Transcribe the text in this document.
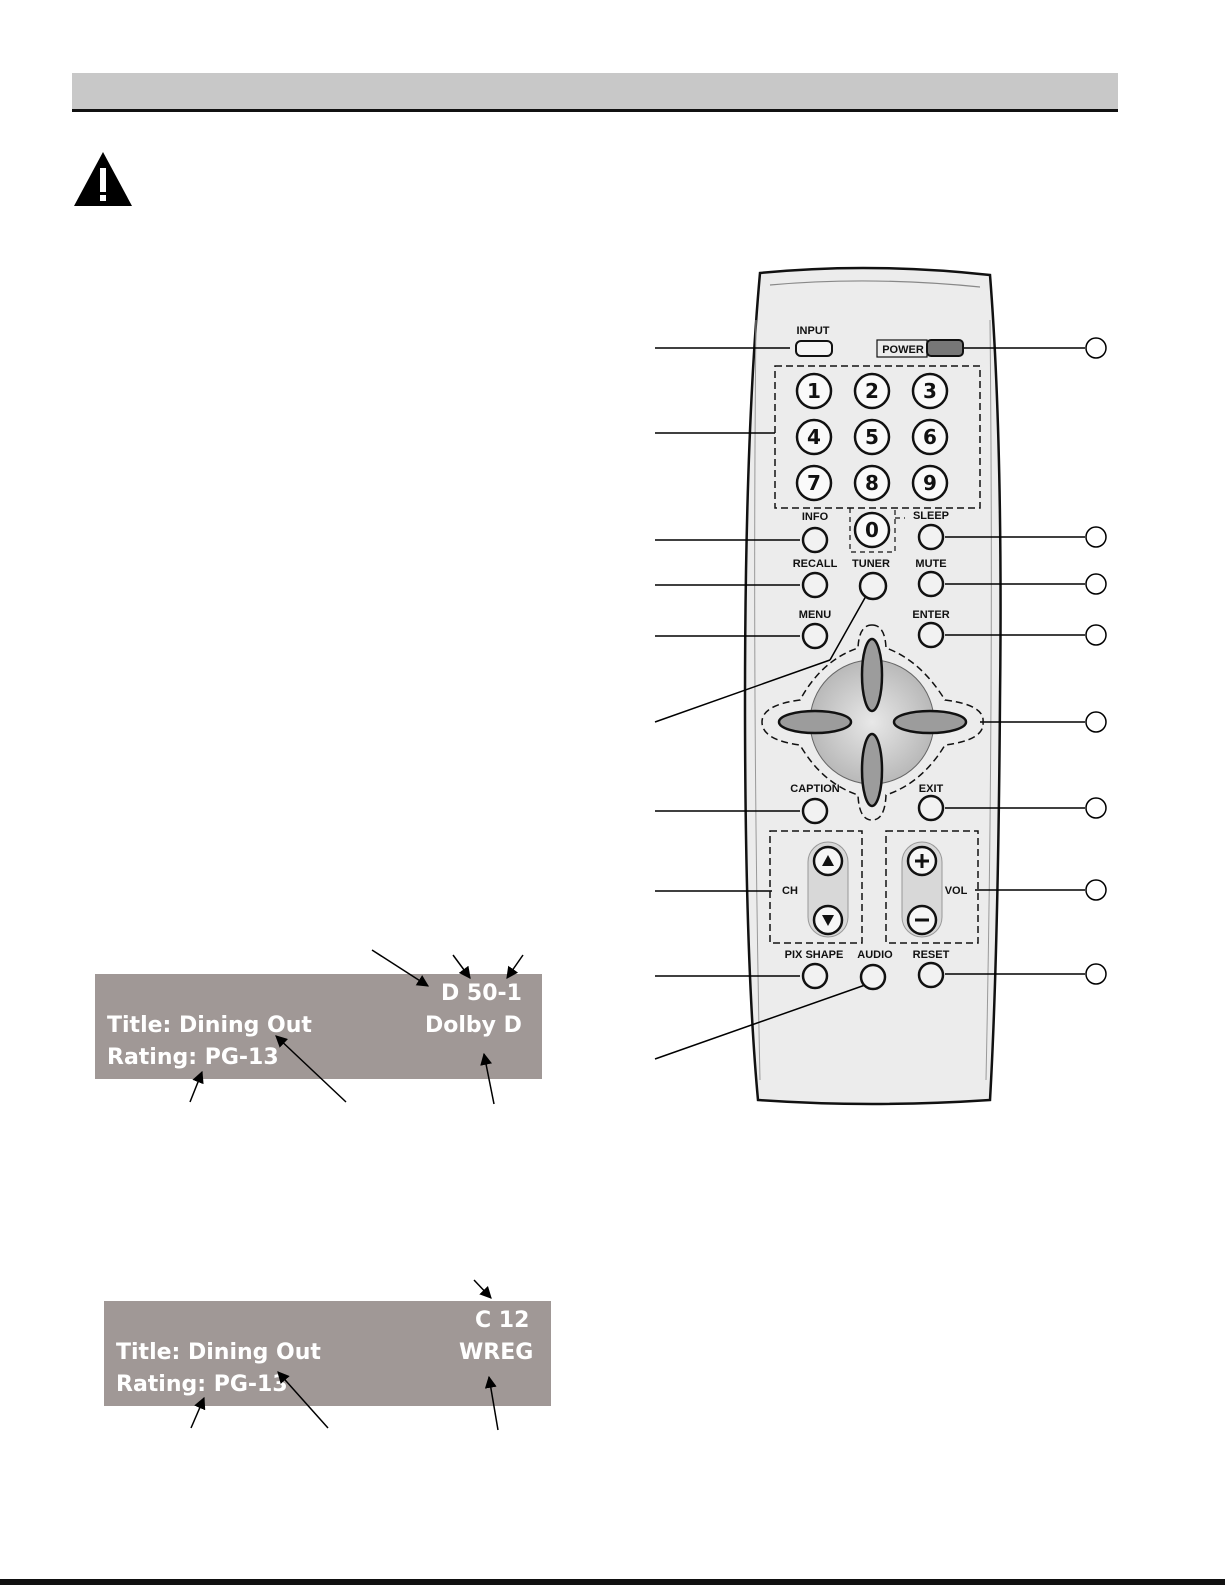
D 50-1
Title: Dining Out	Dolby D
Rating: PG-13
C 12
Title: Dining Out	WREG
Rating: PG-13
INPUT
POWER
1 2 3
4 5 6
7 8 9
0
INFO	SLEEP
RECALL TUNER MUTE
MENU	ENTER
CAPTION	EXIT
CH	VOL
PIX SHAPE AUDIO RESET
